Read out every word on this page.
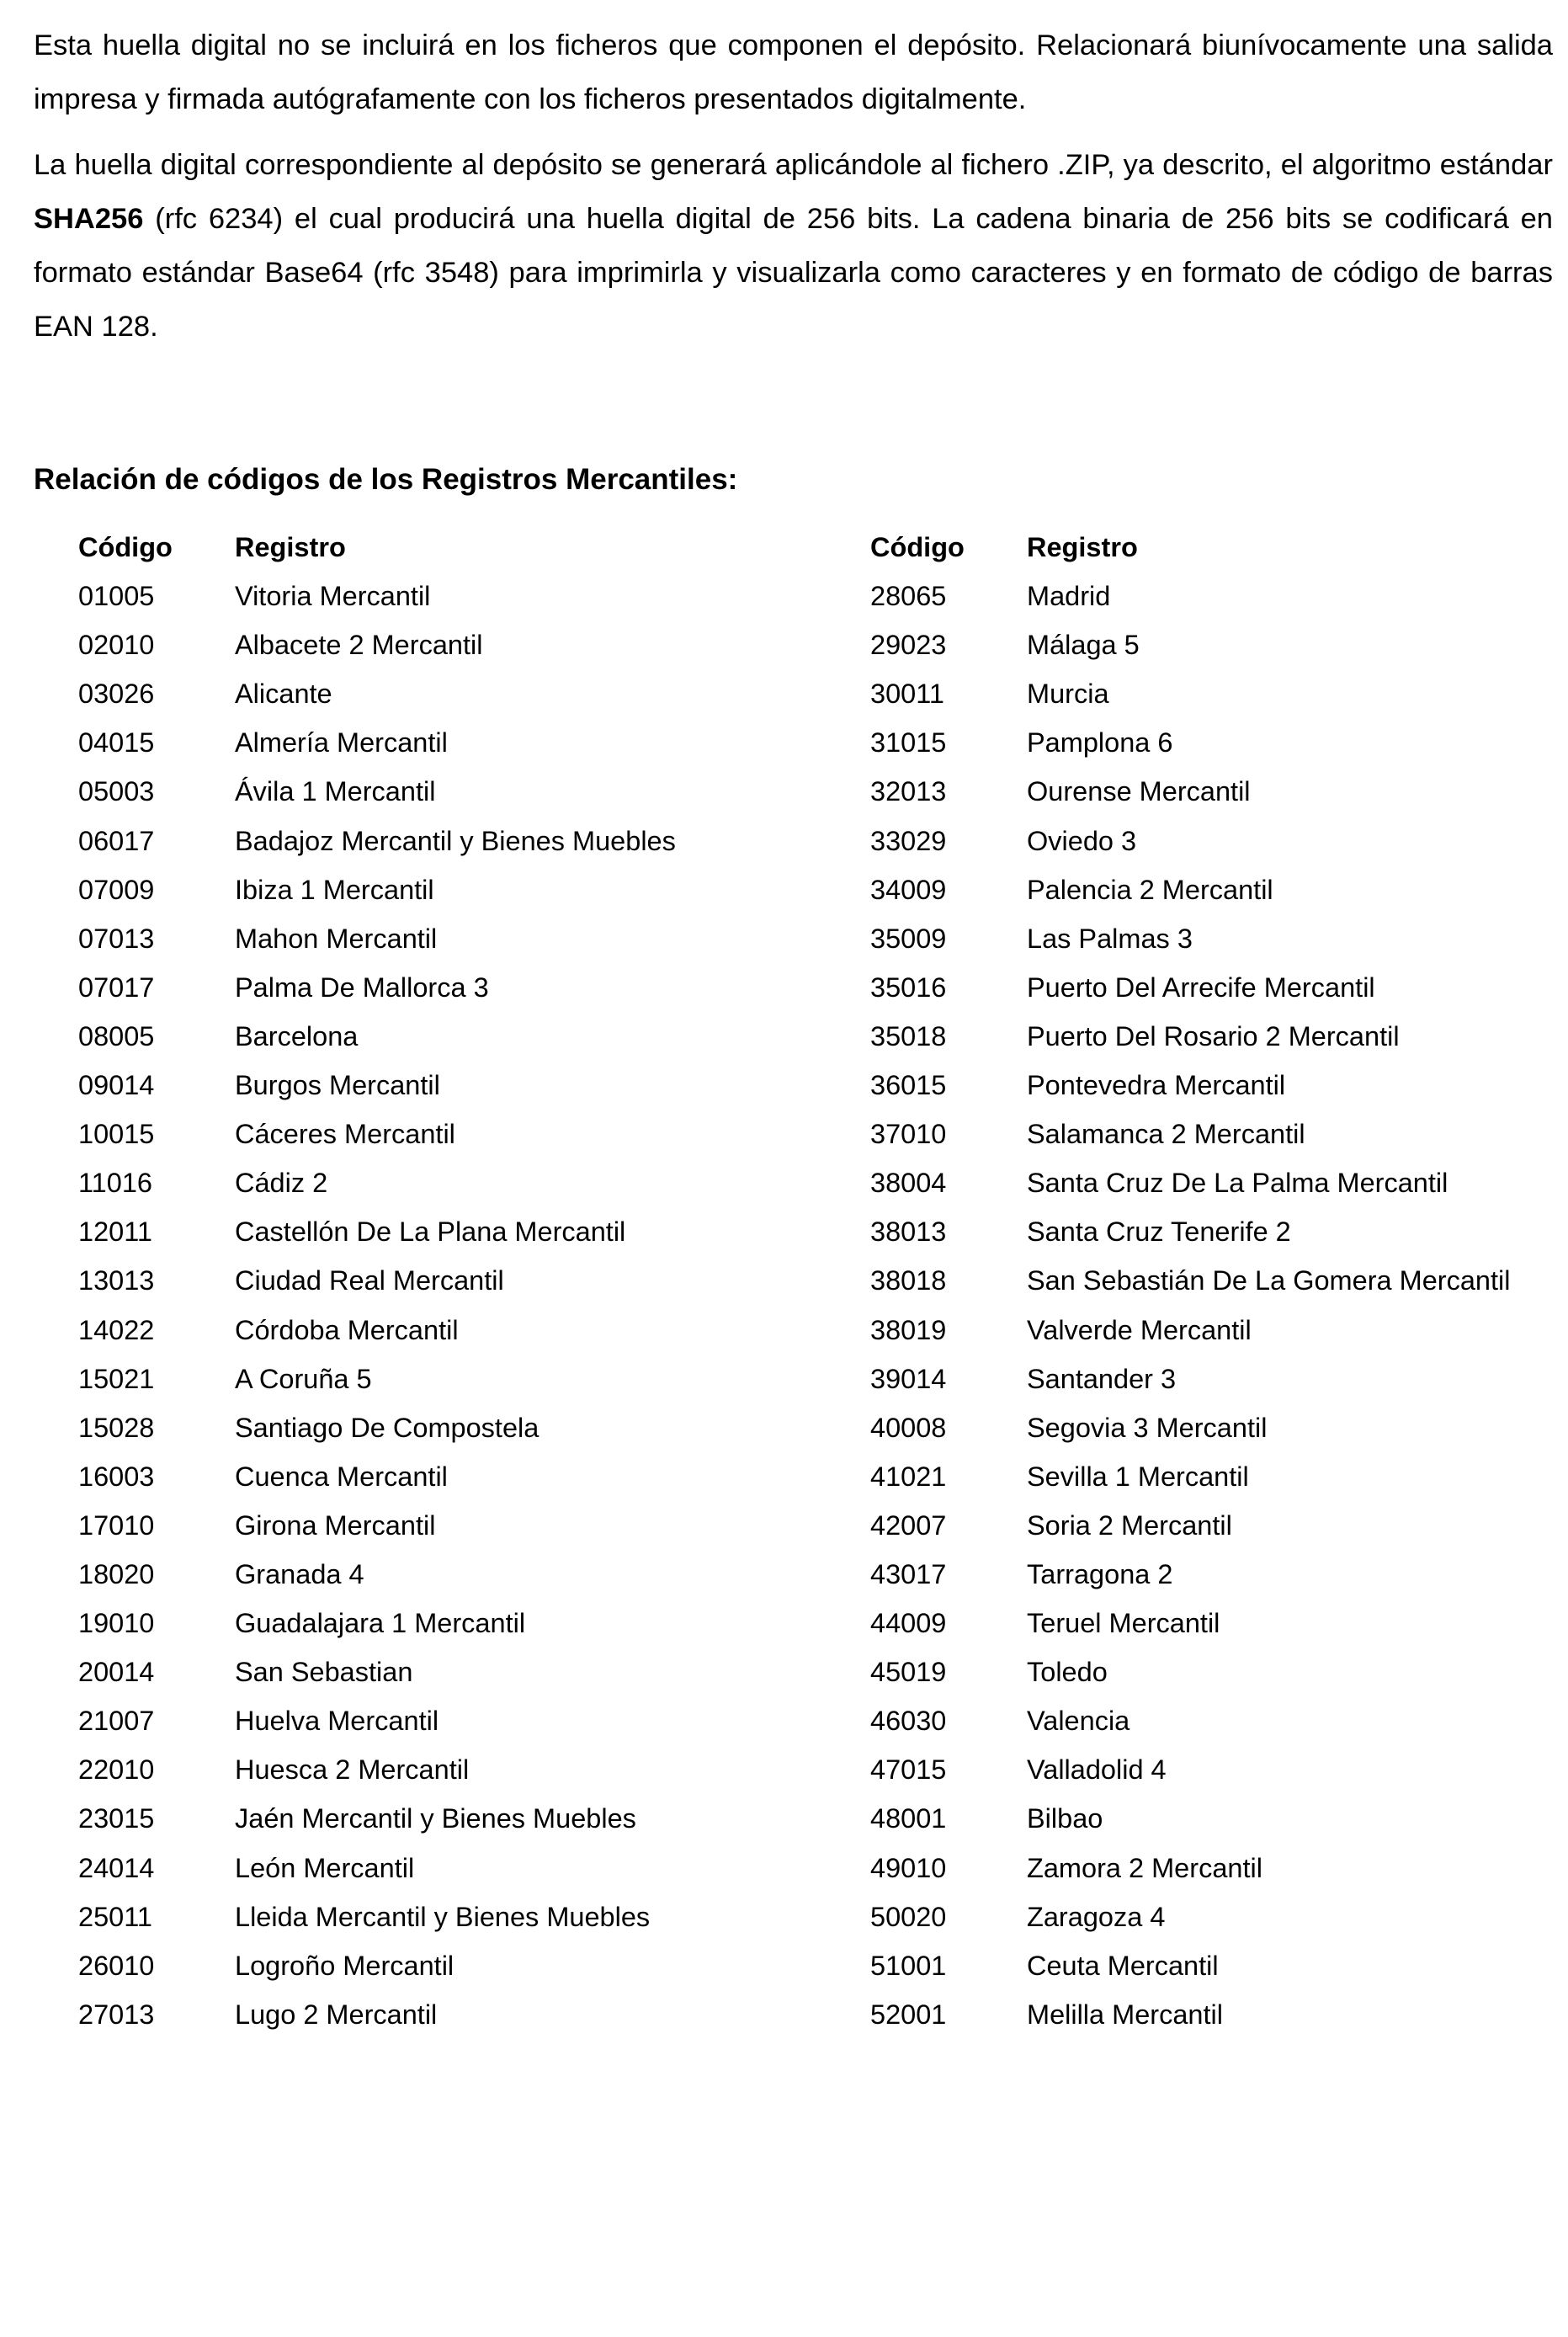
Esta huella digital no se incluirá en los ficheros que componen el depósito. Relacionará biunívocamente una salida impresa y firmada autógrafamente con los ficheros presentados digitalmente.

La huella digital correspondiente al depósito se generará aplicándole al fichero .ZIP, ya descrito, el algoritmo estándar SHA256 (rfc 6234) el cual producirá una huella digital de 256 bits. La cadena binaria de 256 bits se codificará en formato estándar Base64 (rfc 3548) para imprimirla y visualizarla como caracteres y en formato de código de barras EAN 128.

Relación de códigos de los Registros Mercantiles:
Código Registro
01005	Vitoria Mercantil
02010	Albacete 2 Mercantil
03026	Alicante
04015	Almería Mercantil
05003	Ávila 1 Mercantil
06017	Badajoz Mercantil y Bienes Muebles
07009	Ibiza 1 Mercantil
07013	Mahon Mercantil
07017	Palma De Mallorca 3
08005	Barcelona
09014	Burgos Mercantil
10015	Cáceres Mercantil
11016	Cádiz 2
12011	Castellón De La Plana Mercantil
13013	Ciudad Real Mercantil
14022	Córdoba Mercantil
15021	A Coruña 5
15028	Santiago De Compostela
16003	Cuenca Mercantil
17010	Girona Mercantil
18020	Granada 4
19010	Guadalajara 1 Mercantil
20014	San Sebastian
21007	Huelva Mercantil
22010	Huesca 2 Mercantil
23015	Jaén Mercantil y Bienes Muebles
24014	León Mercantil
25011	Lleida Mercantil y Bienes Muebles
26010	Logroño Mercantil
27013	Lugo 2 Mercantil
Código Registro
28065	Madrid
29023	Málaga 5
30011	Murcia
31015	Pamplona 6
32013	Ourense Mercantil
33029	Oviedo 3
34009	Palencia 2 Mercantil
35009	Las Palmas 3
35016	Puerto Del Arrecife Mercantil
35018	Puerto Del Rosario 2 Mercantil
36015	Pontevedra Mercantil
37010	Salamanca 2 Mercantil
38004	Santa Cruz De La Palma Mercantil
38013	Santa Cruz Tenerife 2
38018	San Sebastián De La Gomera Mercantil
38019	Valverde Mercantil
39014	Santander 3
40008	Segovia 3 Mercantil
41021	Sevilla 1 Mercantil
42007	Soria 2 Mercantil
43017	Tarragona 2
44009	Teruel Mercantil
45019	Toledo
46030	Valencia
47015	Valladolid 4
48001	Bilbao
49010	Zamora 2 Mercantil
50020	Zaragoza 4
51001	Ceuta Mercantil
52001	Melilla Mercantil
